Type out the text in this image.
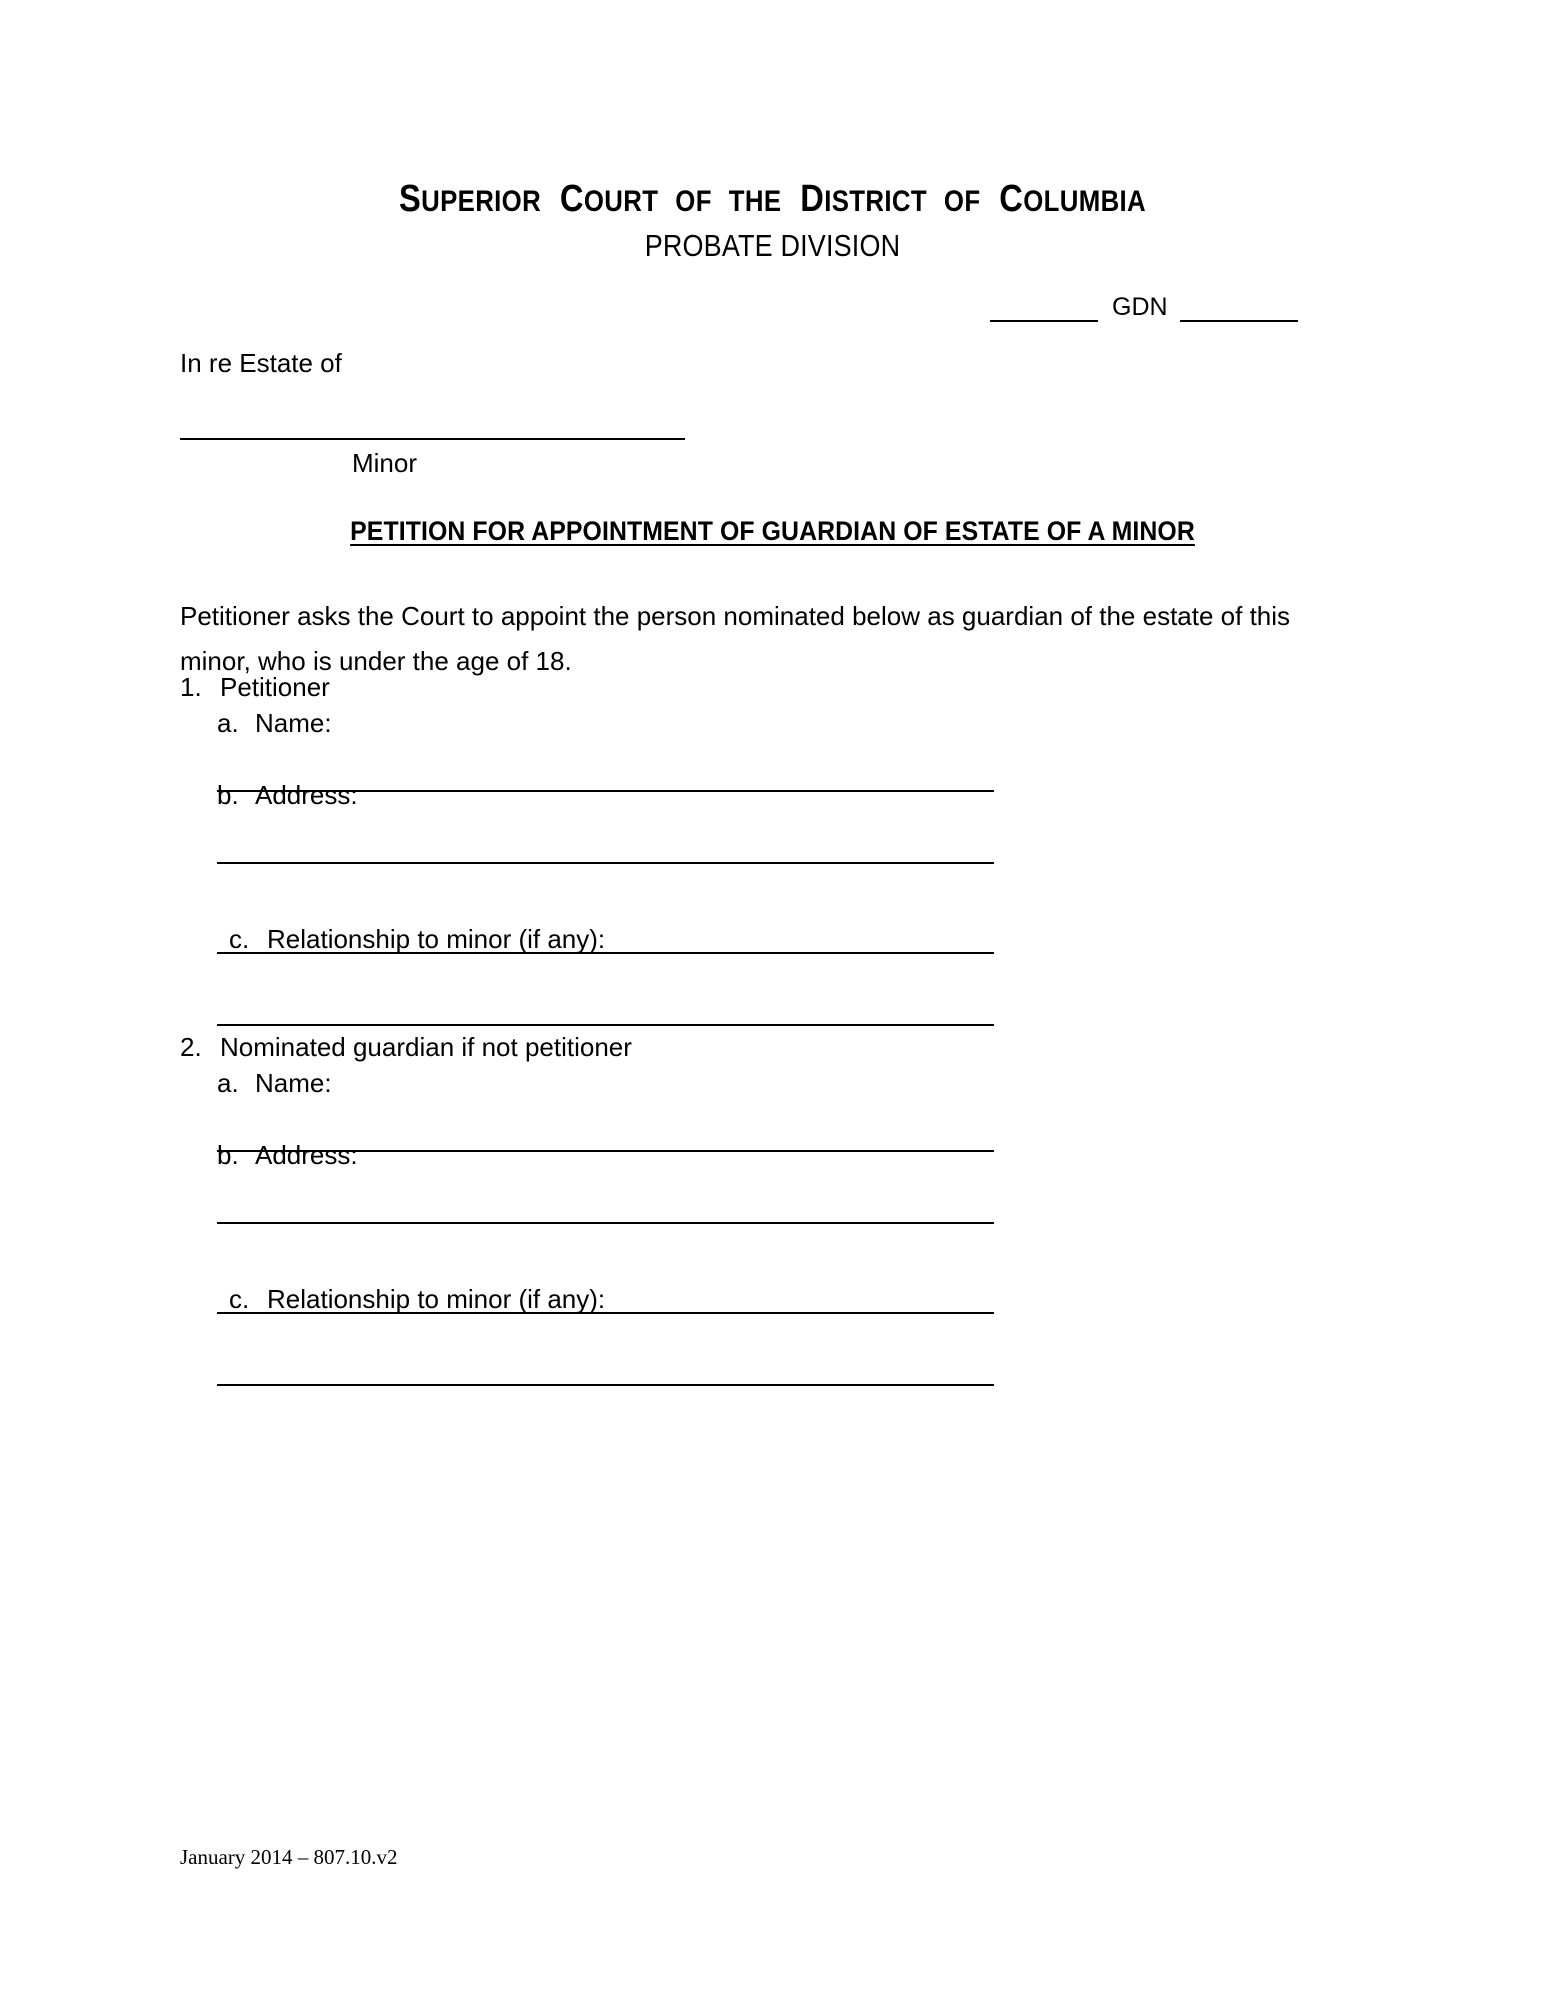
SUPERIOR  COURT  OF  THE  DISTRICT  OF  COLUMBIA
PROBATE DIVISION
GDN
In re Estate of
Minor
PETITION FOR APPOINTMENT OF GUARDIAN OF ESTATE OF A MINOR
Petitioner asks the Court to appoint the person nominated below as guardian of the estate of this minor, who is under the age of 18.
1. Petitioner
a. Name:
b. Address:
c. Relationship to minor (if any):
2. Nominated guardian if not petitioner
a. Name:
b. Address:
c. Relationship to minor (if any):
January 2014 – 807.10.v2
